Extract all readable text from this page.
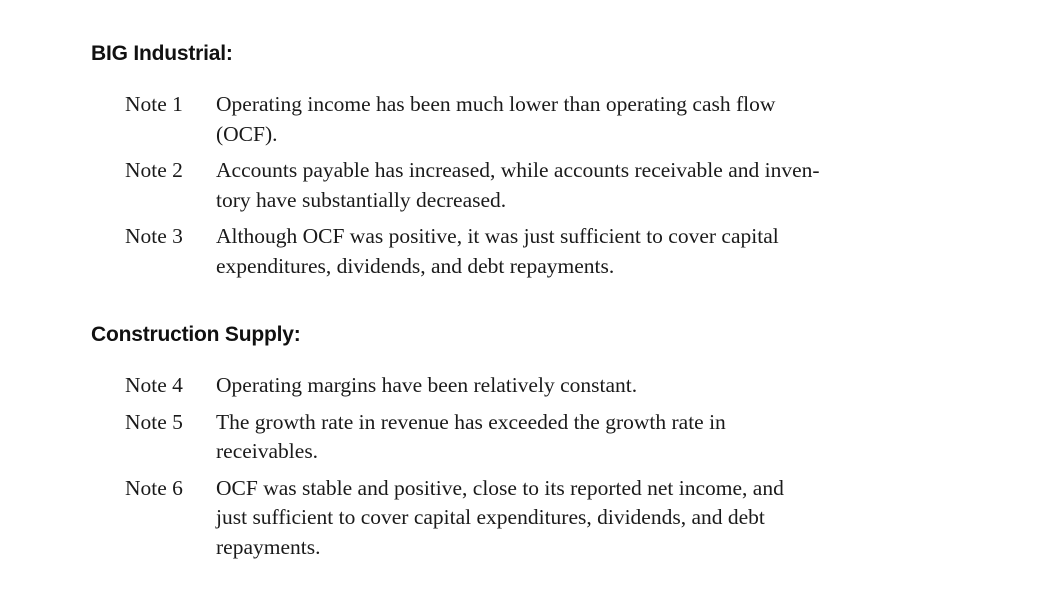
BIG Industrial:
Note 1	Operating income has been much lower than operating cash flow
(OCF).
Note 2	Accounts payable has increased, while accounts receivable and inven-
tory have substantially decreased.
Note 3	Although OCF was positive, it was just sufficient to cover capital
expenditures, dividends, and debt repayments.
Construction Supply:
Note 4	Operating margins have been relatively constant.
Note 5	The growth rate in revenue has exceeded the growth rate in
receivables.
Note 6	OCF was stable and positive, close to its reported net income, and
just sufficient to cover capital expenditures, dividends, and debt
repayments.
